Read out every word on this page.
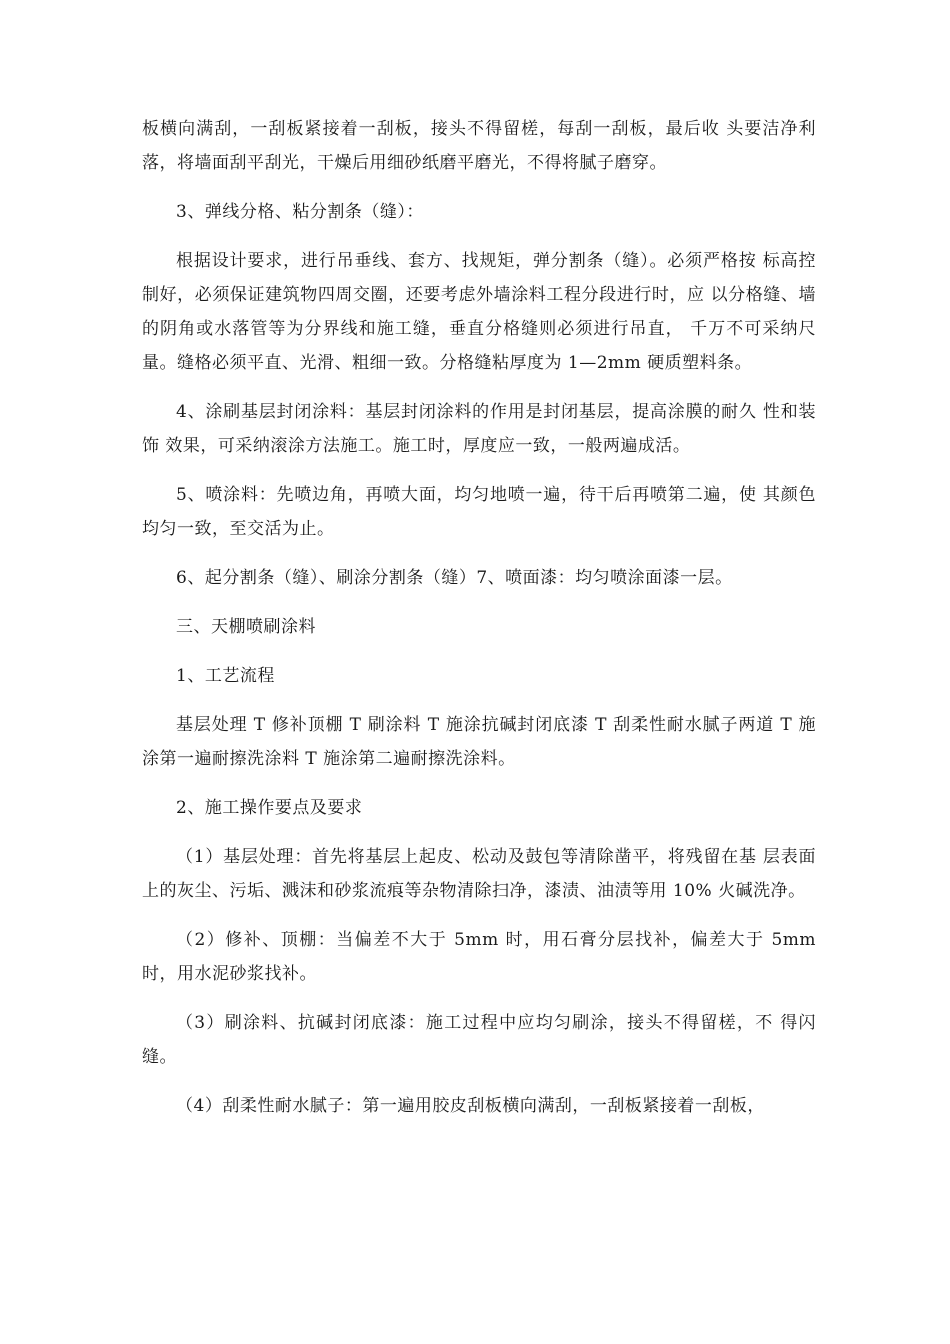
板横向满刮，一刮板紧接着一刮板，接头不得留槎，每刮一刮板，最后收 头要洁净利落，将墙面刮平刮光，干燥后用细砂纸磨平磨光，不得将腻子磨穿。

3、弹线分格、粘分割条（缝）：

根据设计要求，进行吊垂线、套方、找规矩，弹分割条（缝）。必须严格按 标高控制好，必须保证建筑物四周交圈，还要考虑外墙涂料工程分段进行时，应 以分格缝、墙的阴角或水落管等为分界线和施工缝，垂直分格缝则必须进行吊直， 千万不可采纳尺量。缝格必须平直、光滑、粗细一致。分格缝粘厚度为 1—2mm 硬质塑料条。

4、涂刷基层封闭涂料：基层封闭涂料的作用是封闭基层，提高涂膜的耐久 性和装饰 效果，可采纳滚涂方法施工。施工时，厚度应一致，一般两遍成活。

5、喷涂料：先喷边角，再喷大面，均匀地喷一遍，待干后再喷第二遍，使 其颜色均匀一致，至交活为止。

6、起分割条（缝）、刷涂分割条（缝）7、喷面漆：均匀喷涂面漆一层。

三、天棚喷刷涂料

1、工艺流程

基层处理 T 修补顶棚 T 刷涂料 T 施涂抗碱封闭底漆 T 刮柔性耐水腻子两道 T 施涂第一遍耐擦洗涂料 T 施涂第二遍耐擦洗涂料。

2、施工操作要点及要求

（1）基层处理：首先将基层上起皮、松动及鼓包等清除凿平，将残留在基 层表面上的灰尘、污垢、溅沫和砂浆流痕等杂物清除扫净，漆渍、油渍等用 10% 火碱洗净。

（2）修补、顶棚：当偏差不大于 5mm 时，用石膏分层找补，偏差大于 5mm 时，用水泥砂浆找补。

（3）刷涂料、抗碱封闭底漆：施工过程中应均匀刷涂，接头不得留槎，不 得闪缝。

（4）刮柔性耐水腻子：第一遍用胶皮刮板横向满刮，一刮板紧接着一刮板，
